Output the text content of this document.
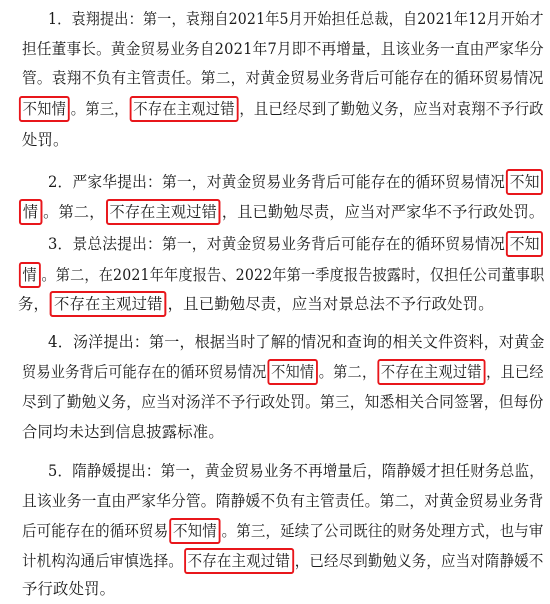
1．袁翔提出：第一，袁翔自2021年5月开始担任总裁，自2021年12月开始才
担任董事长。黄金贸易业务自2021年7月即不再增量，且该业务一直由严家华分
管。袁翔不负有主管责任。第二，对黄金贸易业务背后可能存在的循环贸易情况
不知情 。第三， 不存在主观过错 ，且已经尽到了勤勉义务，应当对袁翔不予行政
处罚。
2．严家华提出：第一，对黄金贸易业务背后可能存在的循环贸易情况 不知
情 。第二， 不存在主观过错 ，且已勤勉尽责，应当对严家华不予行政处罚。
3．景总法提出：第一，对黄金贸易业务背后可能存在的循环贸易情况 不知
情 。第二，在2021年年度报告、2022年第一季度报告披露时，仅担任公司董事职
务， 不存在主观过错 ，且已勤勉尽责，应当对景总法不予行政处罚。
4．汤洋提出：第一，根据当时了解的情况和查询的相关文件资料，对黄金
贸易业务背后可能存在的循环贸易情况 不知情 。第二， 不存在主观过错 ，且已经
尽到了勤勉义务，应当对汤洋不予行政处罚。第三，知悉相关合同签署，但每份
合同均未达到信息披露标准。
5．隋静媛提出：第一，黄金贸易业务不再增量后，隋静媛才担任财务总监，
且该业务一直由严家华分管。隋静媛不负有主管责任。第二，对黄金贸易业务背
后可能存在的循环贸易 不知情 。第三，延续了公司既往的财务处理方式，也与审
计机构沟通后审慎选择。 不存在主观过错 ，已经尽到勤勉义务，应当对隋静媛不
予行政处罚。
